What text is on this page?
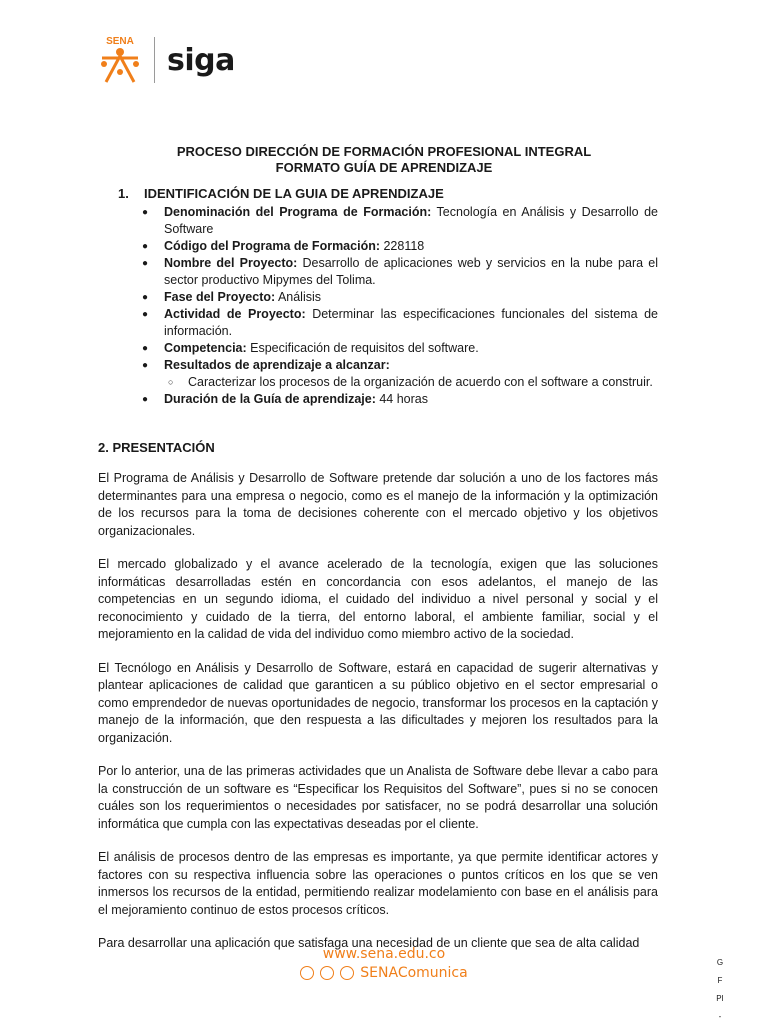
SENA
siga
PROCESO DIRECCIÓN DE FORMACIÓN PROFESIONAL INTEGRAL
FORMATO GUÍA DE APRENDIZAJE
1. IDENTIFICACIÓN DE LA GUIA DE APRENDIZAJE
● Denominación del Programa de Formación: Tecnología en Análisis y Desarrollo de Software
● Código del Programa de Formación: 228118
● Nombre del Proyecto: Desarrollo de aplicaciones web y servicios en la nube para el sector productivo Mipymes del Tolima.
● Fase del Proyecto: Análisis
● Actividad de Proyecto: Determinar las especificaciones funcionales del sistema de información.
● Competencia: Especificación de requisitos del software.
● Resultados de aprendizaje a alcanzar:
○ Caracterizar los procesos de la organización de acuerdo con el software a construir.
● Duración de la Guía de aprendizaje: 44 horas
2. PRESENTACIÓN

El Programa de Análisis y Desarrollo de Software pretende dar solución a uno de los factores más determinantes para una empresa o negocio, como es el manejo de la información y la optimización de los recursos para la toma de decisiones coherente con el mercado objetivo y los objetivos organizacionales.

El mercado globalizado y el avance acelerado de la tecnología, exigen que las soluciones informáticas desarrolladas estén en concordancia con esos adelantos, el manejo de las competencias en un segundo idioma, el cuidado del individuo a nivel personal y social y el reconocimiento y cuidado de la tierra, del entorno laboral, el ambiente familiar, social y el mejoramiento en la calidad de vida del individuo como miembro activo de la sociedad.

El Tecnólogo en Análisis y Desarrollo de Software, estará en capacidad de sugerir alternativas y plantear aplicaciones de calidad que garanticen a su público objetivo en el sector empresarial o como emprendedor de nuevas oportunidades de negocio, transformar los procesos en la captación y manejo de la información, que den respuesta a las dificultades y mejoren los resultados para la organización.

Por lo anterior, una de las primeras actividades que un Analista de Software debe llevar a cabo para la construcción de un software es “Especificar los Requisitos del Software”, pues si no se conocen cuáles son los requerimientos o necesidades por satisfacer, no se podrá desarrollar una solución informática que cumpla con las expectativas deseadas por el cliente.

El análisis de procesos dentro de las empresas es importante, ya que permite identificar actores y factores con su respectiva influencia sobre las operaciones o puntos críticos en los que se ven inmersos los recursos de la entidad, permitiendo realizar modelamiento con base en el análisis para el mejoramiento continuo de estos procesos críticos.

Para desarrollar una aplicación que satisfaga una necesidad de un cliente que sea de alta calidad

www.sena.edu.co
SENAComunica
G
F
PI
-
